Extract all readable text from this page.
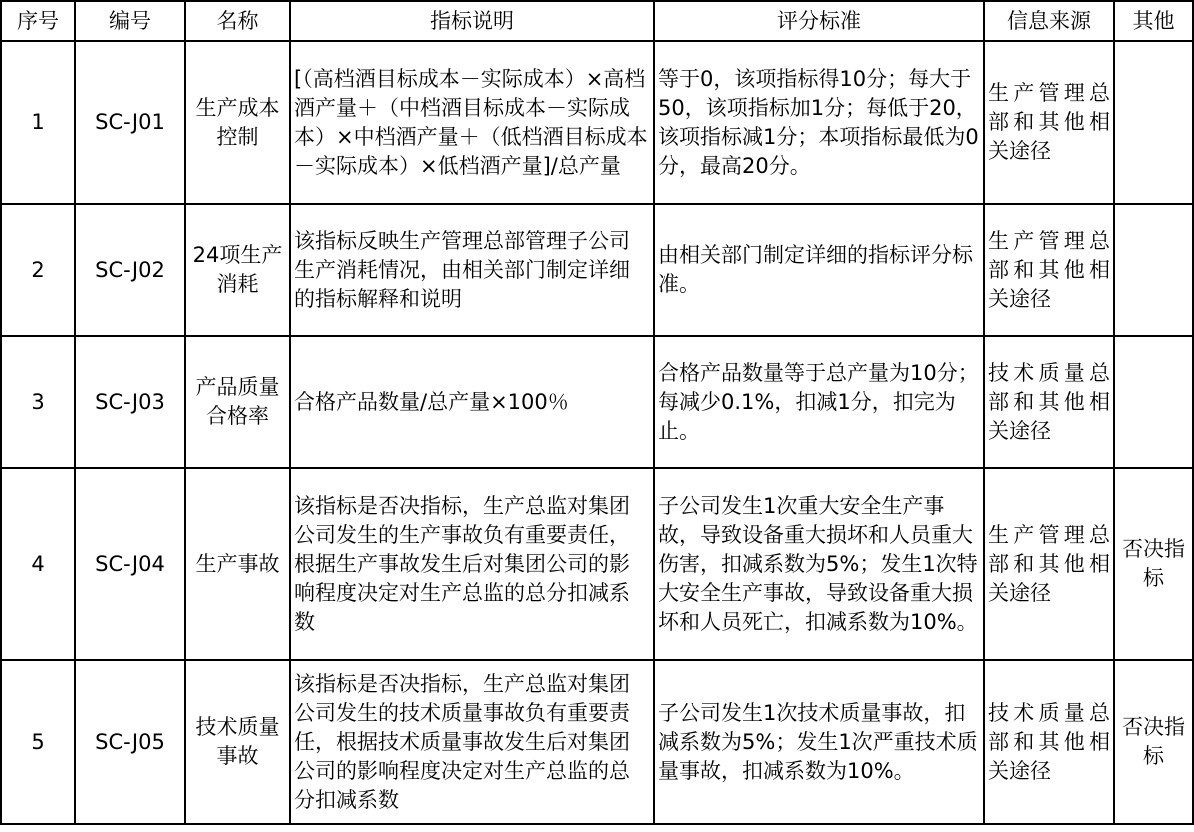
序号	编号	名称	指标说明	评分标准	信息来源	其他
1	SC-J01	生产成本控制	[（高档酒目标成本－实际成本）×高档酒产量＋（中档酒目标成本－实际成本）×中档酒产量＋（低档酒目标成本－实际成本）×低档酒产量]/总产量	等于0，该项指标得10分；每大于50，该项指标加1分；每低于20，该项指标减1分；本项指标最低为0分，最高20分。	生产管理总部和其他相关途径	
2	SC-J02	24项生产消耗	该指标反映生产管理总部管理子公司生产消耗情况，由相关部门制定详细的指标解释和说明	由相关部门制定详细的指标评分标准。	生产管理总部和其他相关途径	
3	SC-J03	产品质量合格率	合格产品数量/总产量×100％	合格产品数量等于总产量为10分；每减少0.1%，扣减1分，扣完为止。	技术质量总部和其他相关途径	
4	SC-J04	生产事故	该指标是否决指标，生产总监对集团公司发生的生产事故负有重要责任，根据生产事故发生后对集团公司的影响程度决定对生产总监的总分扣减系数	子公司发生1次重大安全生产事故，导致设备重大损坏和人员重大伤害，扣减系数为5%；发生1次特大安全生产事故，导致设备重大损坏和人员死亡，扣减系数为10%。	生产管理总部和其他相关途径	否决指标
5	SC-J05	技术质量事故	该指标是否决指标，生产总监对集团公司发生的技术质量事故负有重要责任，根据技术质量事故发生后对集团公司的影响程度决定对生产总监的总分扣减系数	子公司发生1次技术质量事故，扣减系数为5%；发生1次严重技术质量事故，扣减系数为10%。	技术质量总部和其他相关途径	否决指标
